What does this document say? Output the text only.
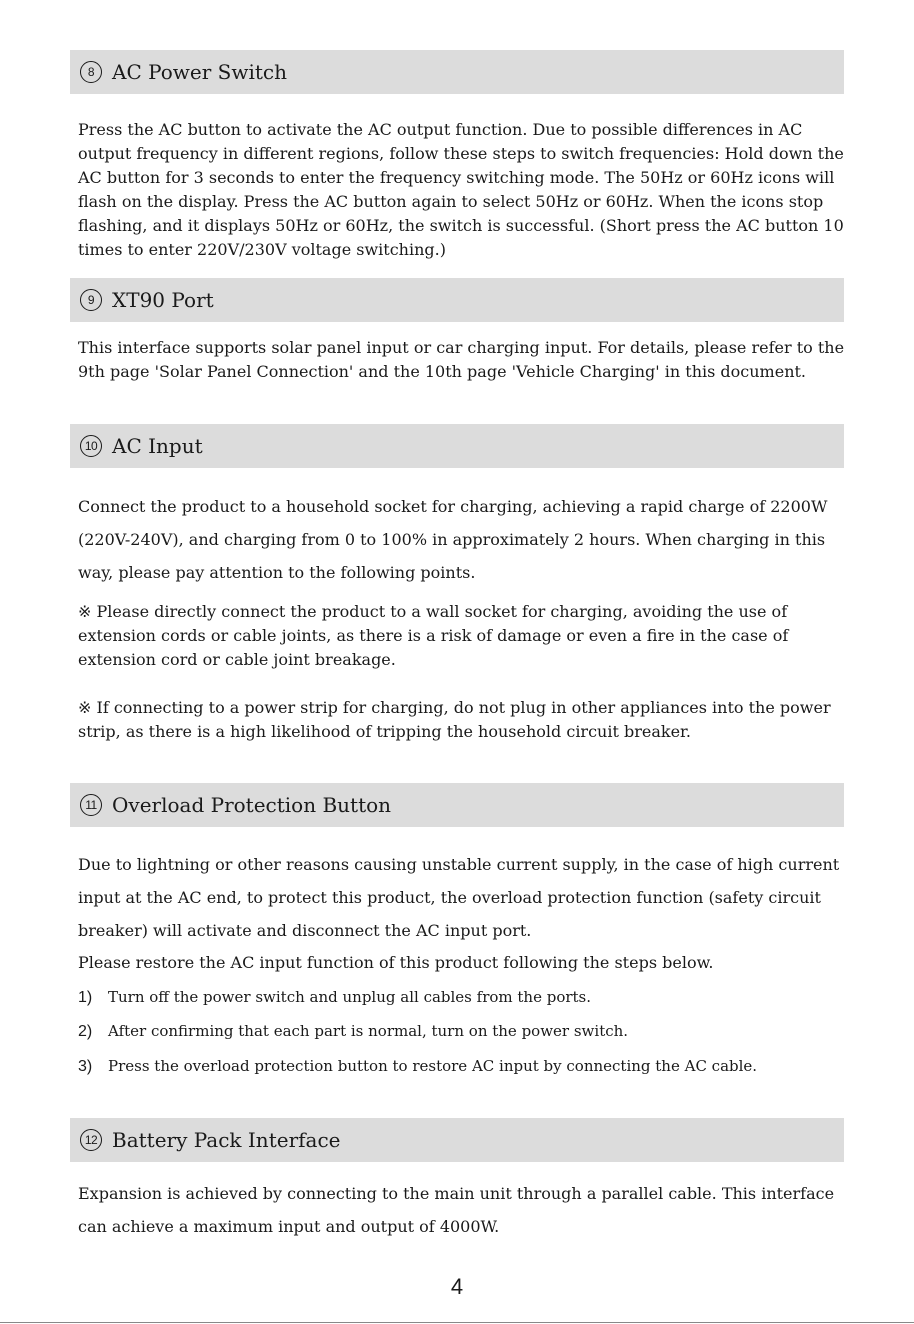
8 AC Power Switch

Press the AC button to activate the AC output function. Due to possible differences in AC output frequency in different regions, follow these steps to switch frequencies: Hold down the AC button for 3 seconds to enter the frequency switching mode. The 50Hz or 60Hz icons will flash on the display. Press the AC button again to select 50Hz or 60Hz. When the icons stop flashing, and it displays 50Hz or 60Hz, the switch is successful. (Short press the AC button 10 times to enter 220V/230V voltage switching.)

9 XT90 Port

This interface supports solar panel input or car charging input. For details, please refer to the 9th page 'Solar Panel Connection' and the 10th page 'Vehicle Charging' in this document.

10 AC Input

Connect the product to a household socket for charging, achieving a rapid charge of 2200W (220V-240V), and charging from 0 to 100% in approximately 2 hours. When charging in this way, please pay attention to the following points.

※ Please directly connect the product to a wall socket for charging, avoiding the use of extension cords or cable joints, as there is a risk of damage or even a fire in the case of extension cord or cable joint breakage.

※ If connecting to a power strip for charging, do not plug in other appliances into the power strip, as there is a high likelihood of tripping the household circuit breaker.

11 Overload Protection Button

Due to lightning or other reasons causing unstable current supply, in the case of high current input at the AC end, to protect this product, the overload protection function (safety circuit breaker) will activate and disconnect the AC input port.

Please restore the AC input function of this product following the steps below.

1) Turn off the power switch and unplug all cables from the ports.
2) After confirming that each part is normal, turn on the power switch.
3) Press the overload protection button to restore AC input by connecting the AC cable.
12 Battery Pack Interface

Expansion is achieved by connecting to the main unit through a parallel cable. This interface can achieve a maximum input and output of 4000W.

4
